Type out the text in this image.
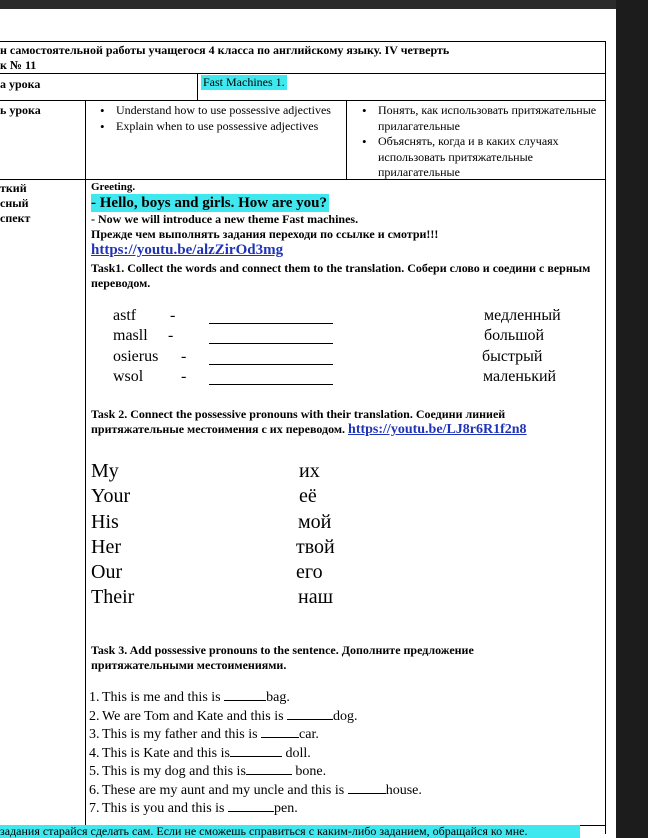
н самостоятельной работы учащегося 4 класса по английскому языку. IV четверть
к № 11
а урока	Fast Machines 1.
ь урока
•	Understand how to use possessive adjectives
• Explain when to use possessive adjectives
• Понять, как использовать притяжательные прилагательные
• Объяснять, когда и в каких случаях использовать притяжательные прилагательные
ткий
сный
спект
Greeting.
- Hello, boys and girls. How are you?
- Now we will introduce a new theme Fast machines.
Прежде чем выполнять задания переходи по ссылке и смотри!!!
https://youtu.be/alzZirOd3mg
Task1. Collect the words and connect them to the translation. Собери слово и соедини с верным переводом.
astf
masll
osierus
wsol
-
-
-
-
медленный
большой
быстрый
маленький
Task 2. Connect the possessive pronouns with their translation. Соедини линией
притяжательные местоимения с их переводом. https://youtu.be/LJ8r6R1f2n8
My
Your
His
Her
Our
Their
их
её
мой
твой
его
наш
Task 3. Add possessive pronouns to the sentence. Дополните предложение
притяжательными местоимениями.
1. This is me and this is	bag.
2. We are Tom and Kate and this is	dog.
3. This is my father and this is	car.
4. This is Kate and this is	doll.
5. This is my dog and this is	bone.
6. These are my aunt and my uncle and this is	house.
7. This is you and this is	pen.
задания старайся сделать сам. Если не сможешь справиться с каким-либо заданием, обращайся ко мне.
